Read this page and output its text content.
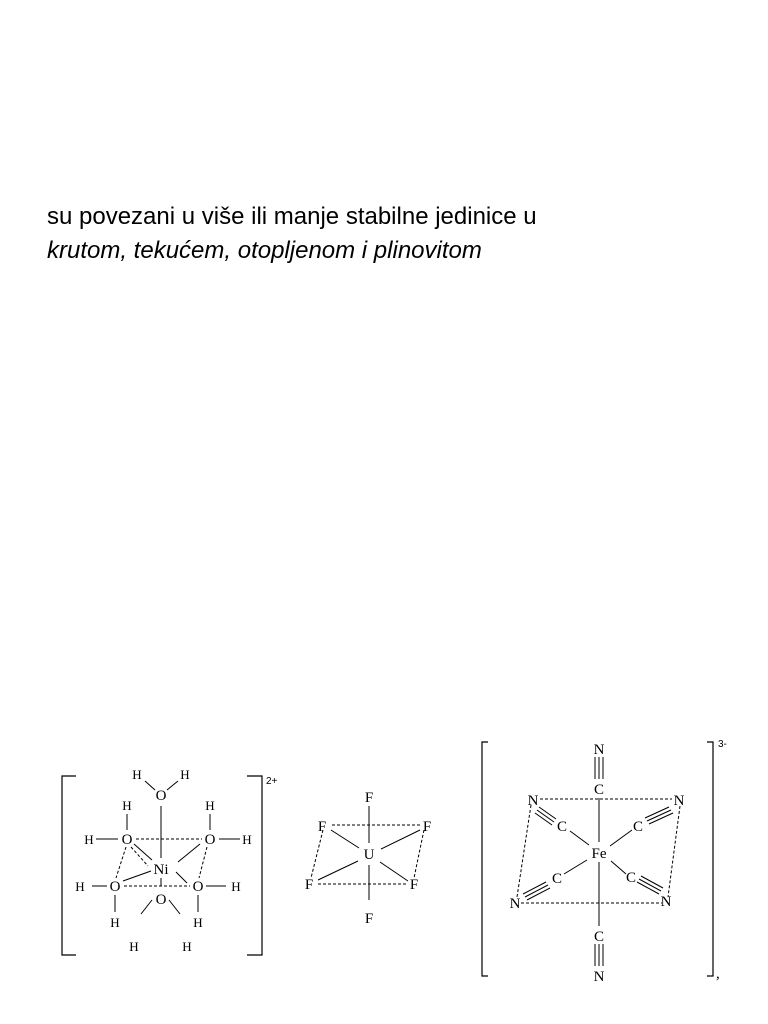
su povezani u više ili manje stabilne jedinice u
krutom, tekućem, otopljenom i plinovitom
2+
Ni
O
O	O
O	O
O
H	H
H	H
H	H
H	H
H	H
H	H
U
F
F
F	F
F	F
3-
,
Fe
N
C
C
N
N
C
N
C
N
C
N
C
